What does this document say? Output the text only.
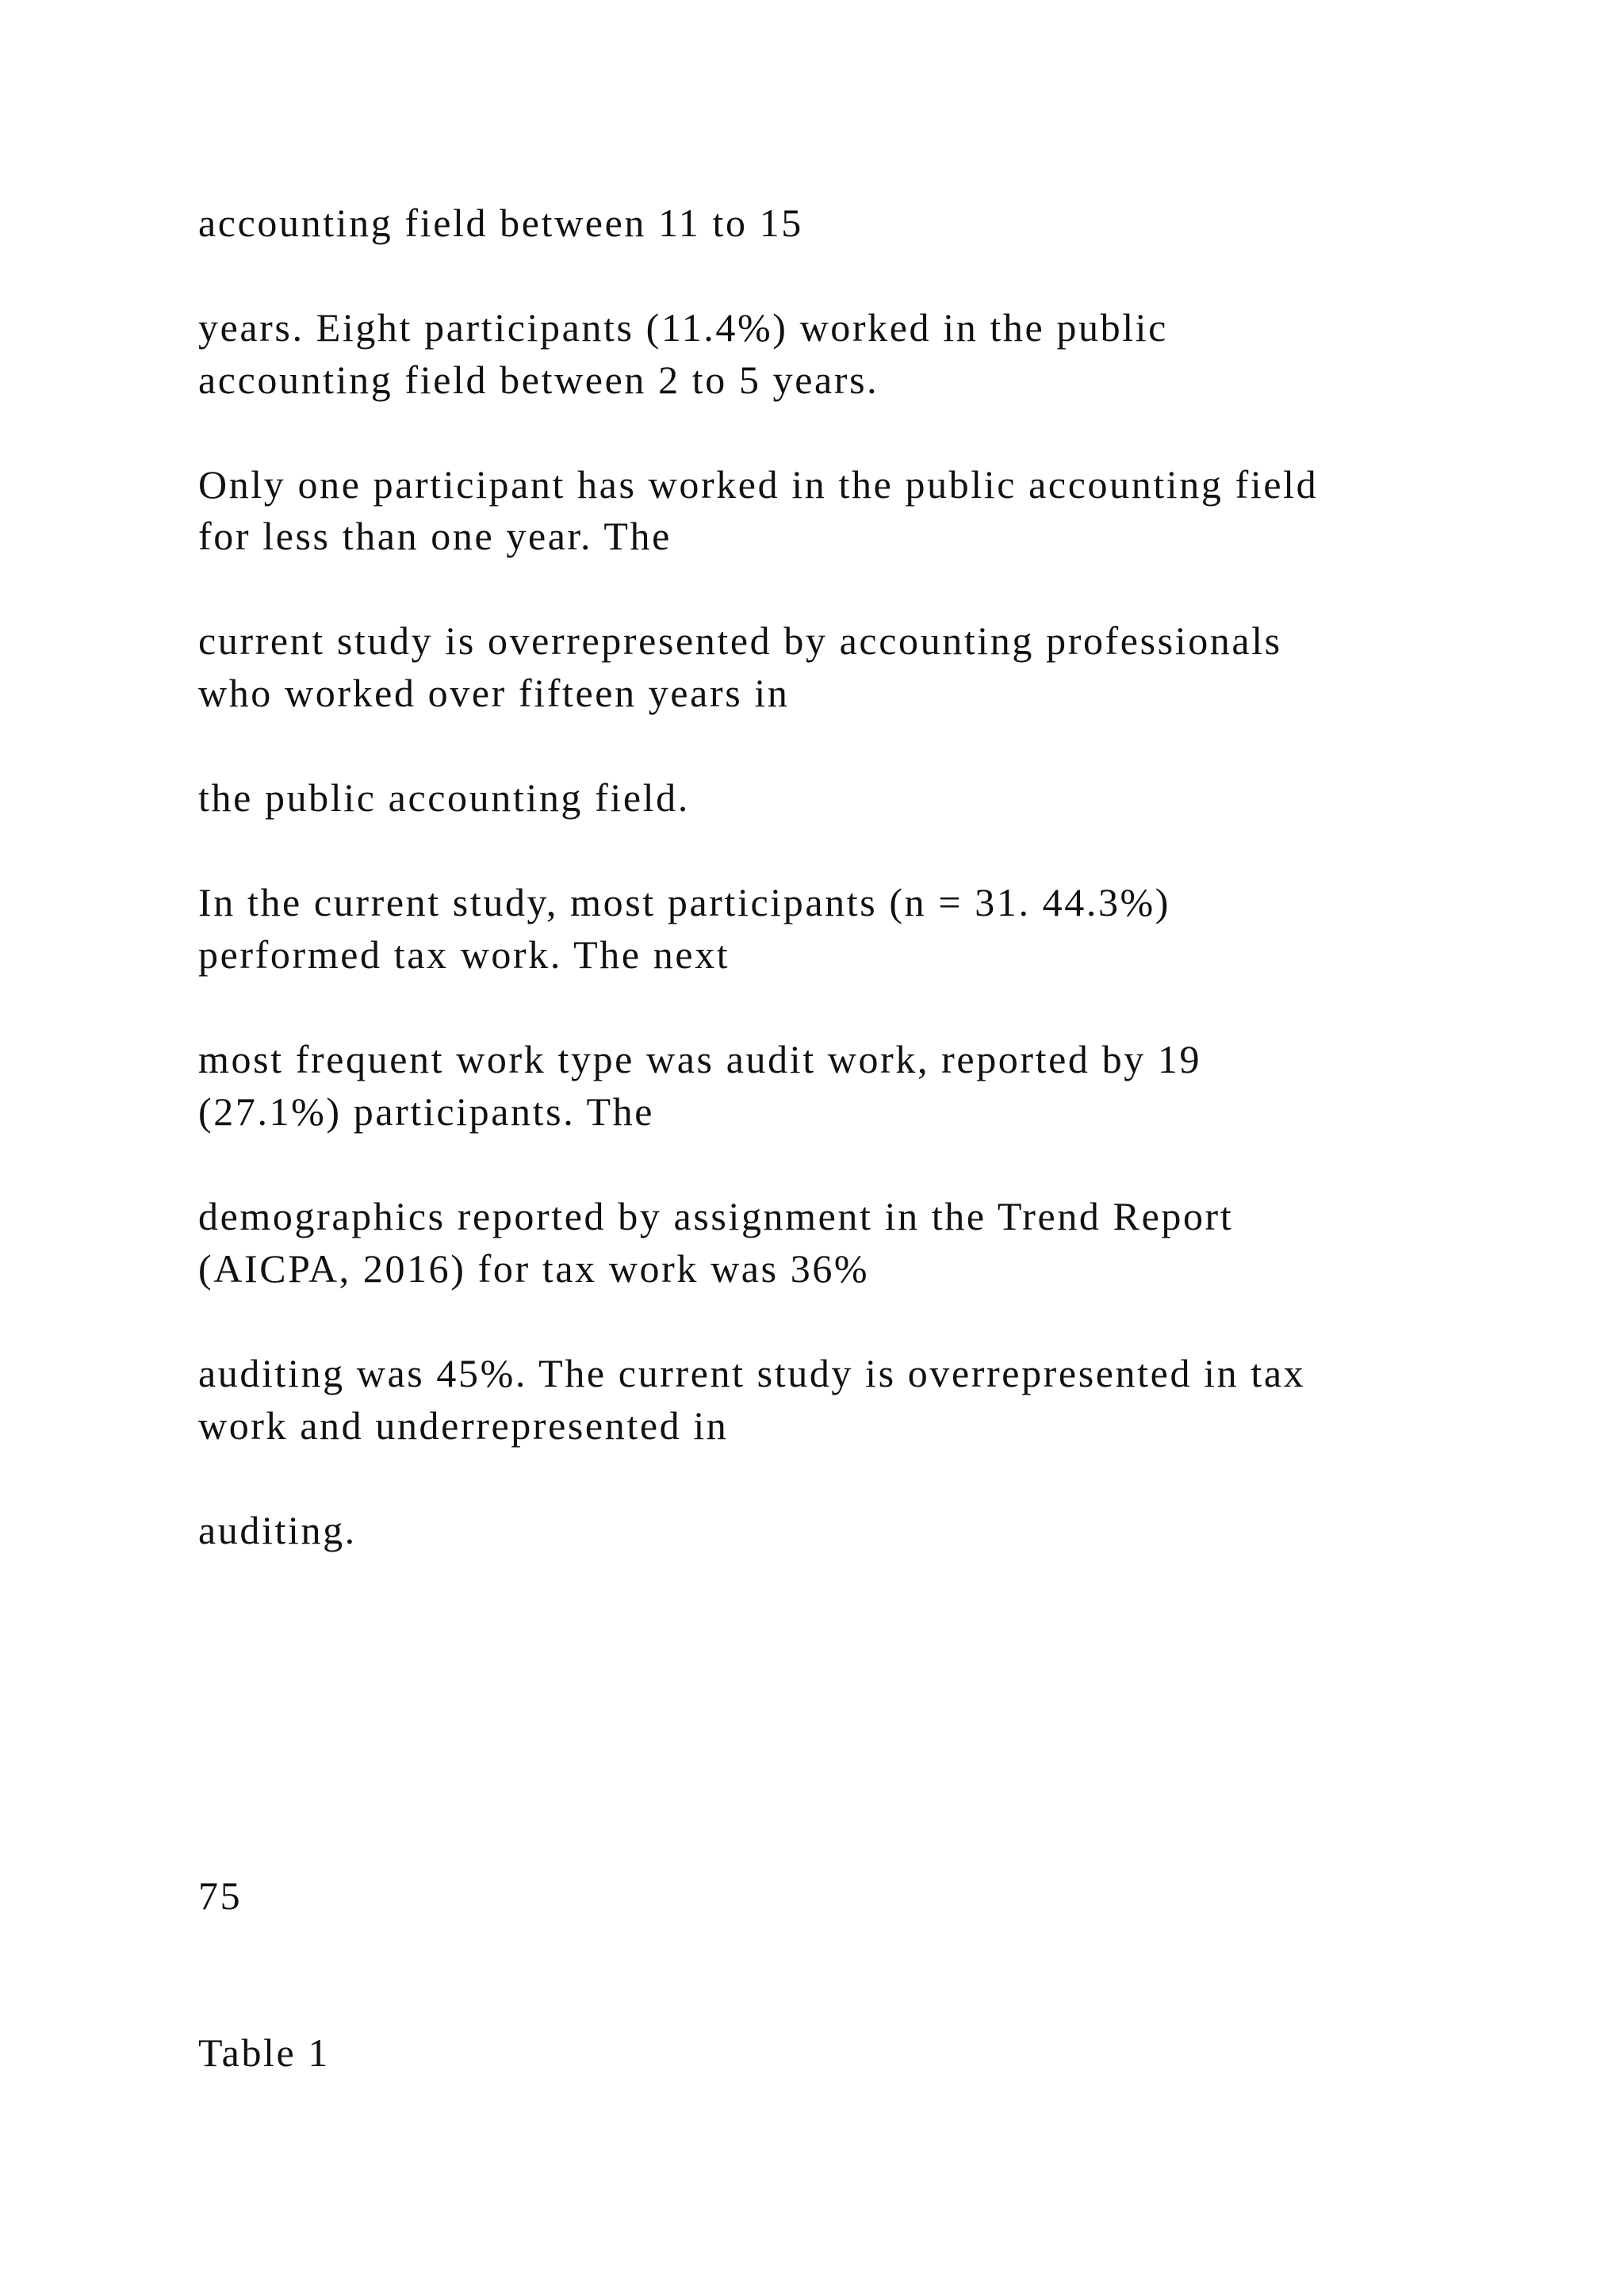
accounting field between 11 to 15
years. Eight participants (11.4%) worked in the public
accounting field between 2 to 5 years.
Only one participant has worked in the public accounting field
for less than one year. The
current study is overrepresented by accounting professionals
who worked over fifteen years in
the public accounting field.
In the current study, most participants (n = 31. 44.3%)
performed tax work. The next
most frequent work type was audit work, reported by 19
(27.1%) participants. The
demographics reported by assignment in the Trend Report
(AICPA, 2016) for tax work was 36%
auditing was 45%. The current study is overrepresented in tax
work and underrepresented in
auditing.
75
Table 1
